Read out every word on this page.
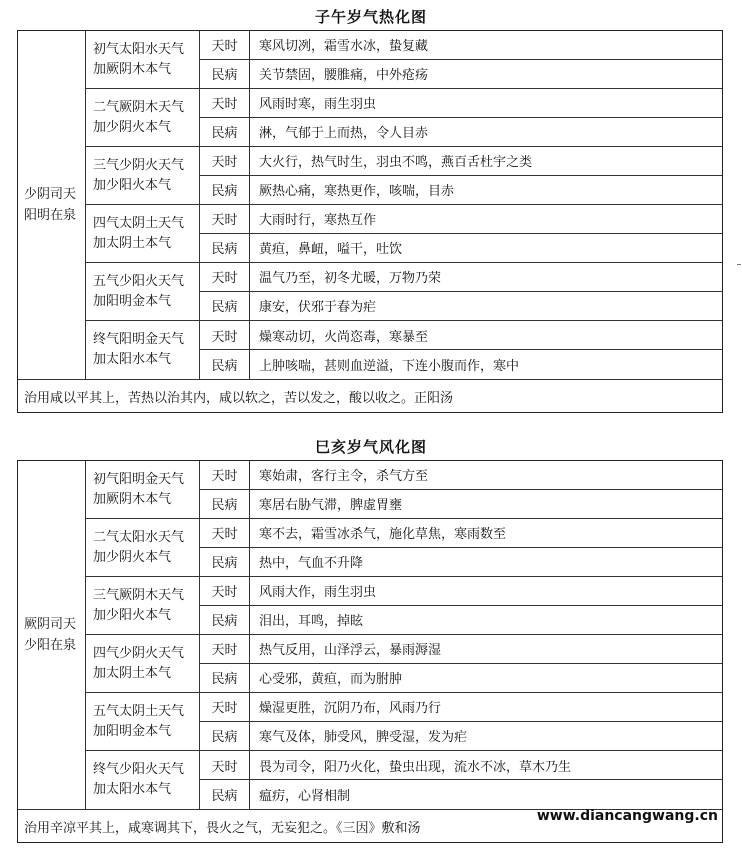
子午岁气热化图
少阴司天
阳明在泉
初气太阳水天气
加厥阴木本气
天时	寒风切冽，霜雪水冰，蛰复藏
民病	关节禁固，腰脽痛，中外疮疡
二气厥阴木天气
加少阴火本气
天时	风雨时寒，雨生羽虫
民病	淋，气郁于上而热，令人目赤
三气少阴火天气
加少阳火本气
天时	大火行，热气时生，羽虫不鸣，燕百舌杜宇之类
民病	厥热心痛，寒热更作，咳喘，目赤
四气太阴土天气
加太阴土本气
天时	大雨时行，寒热互作
民病	黄疸，鼻衄，嗌干，吐饮
五气少阳火天气
加阳明金本气
天时	温气乃至，初冬尤暖，万物乃荣
民病	康安，伏邪于春为疟
终气阳明金天气
加太阳水本气
天时	燥寒动切，火尚恣毒，寒暴至
民病	上肿咳喘，甚则血逆溢，下连小腹而作，寒中
治用咸以平其上，苦热以治其内，咸以软之，苦以发之，酸以收之。正阳汤
巳亥岁气风化图
厥阴司天
少阳在泉
初气阳明金天气
加厥阴木本气
天时	寒始肃，客行主令，杀气方至
民病	寒居右胁气滞，脾虚胃壅
二气太阳水天气
加少阴火本气
天时	寒不去，霜雪冰杀气，施化草焦，寒雨数至
民病	热中，气血不升降
三气厥阴木天气
加少阳火本气
天时	风雨大作，雨生羽虫
民病	泪出，耳鸣，掉眩
四气少阴火天气
加太阴土本气
天时	热气反用，山泽浮云，暴雨溽湿
民病	心受邪，黄疸，而为胕肿
五气太阴土天气
加阳明金本气
天时	燥湿更胜，沉阴乃布，风雨乃行
民病	寒气及体，肺受风，脾受湿，发为疟
终气少阳火天气
加太阳水本气
天时	畏为司令，阳乃火化，蛰虫出现，流水不冰，草木乃生
民病	瘟疠，心肾相制
治用辛凉平其上，咸寒调其下，畏火之气，无妄犯之。《三因》敷和汤
www.diancangwang.cn
